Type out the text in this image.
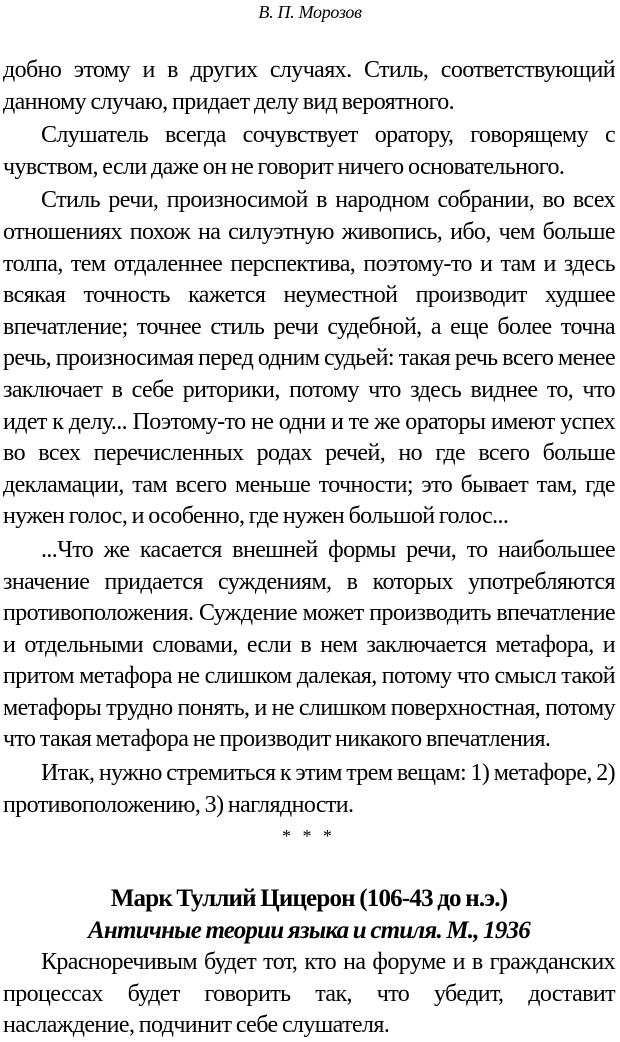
В. П. Морозов

добно этому и в других случаях. Стиль, соответствующий данному случаю, придает делу вид вероятного.

Слушатель всегда сочувствует оратору, говорящему с чувством, если даже он не говорит ничего основательного.

Стиль речи, произносимой в народном собрании, во всех отношениях похож на силуэтную живопись, ибо, чем больше толпа, тем отдаленнее перспектива, поэтому-то и там и здесь всякая точность кажется неуместной производит худшее впечатление; точнее стиль речи судебной, а еще более точна речь, произносимая перед одним судьей: такая речь всего менее заключает в себе риторики, потому что здесь виднее то, что идет к делу... Поэтому-то не одни и те же ораторы имеют успех во всех перечисленных родах речей, но где всего больше декламации, там всего меньше точности; это бывает там, где нужен голос, и особенно, где нужен большой голос...

...Что же касается внешней формы речи, то наибольшее значение придается суждениям, в которых употребляются противоположения. Суждение может производить впечатление и отдельными словами, если в нем заключается метафора, и притом метафора не слишком далекая, потому что смысл такой метафоры трудно понять, и не слишком поверхностная, потому что такая метафора не производит никакого впечатления.

Итак, нужно стремиться к этим трем вещам: 1) метафоре, 2) противоположению, 3) наглядности.

* * *
Марк Туллий Цицерон (106-43 до н.э.)
Античные теории языка и стиля. М., 1936

Красноречивым будет тот, кто на форуме и в гражданских процессах будет говорить так, что убедит, доставит наслаждение, подчинит себе слушателя.
